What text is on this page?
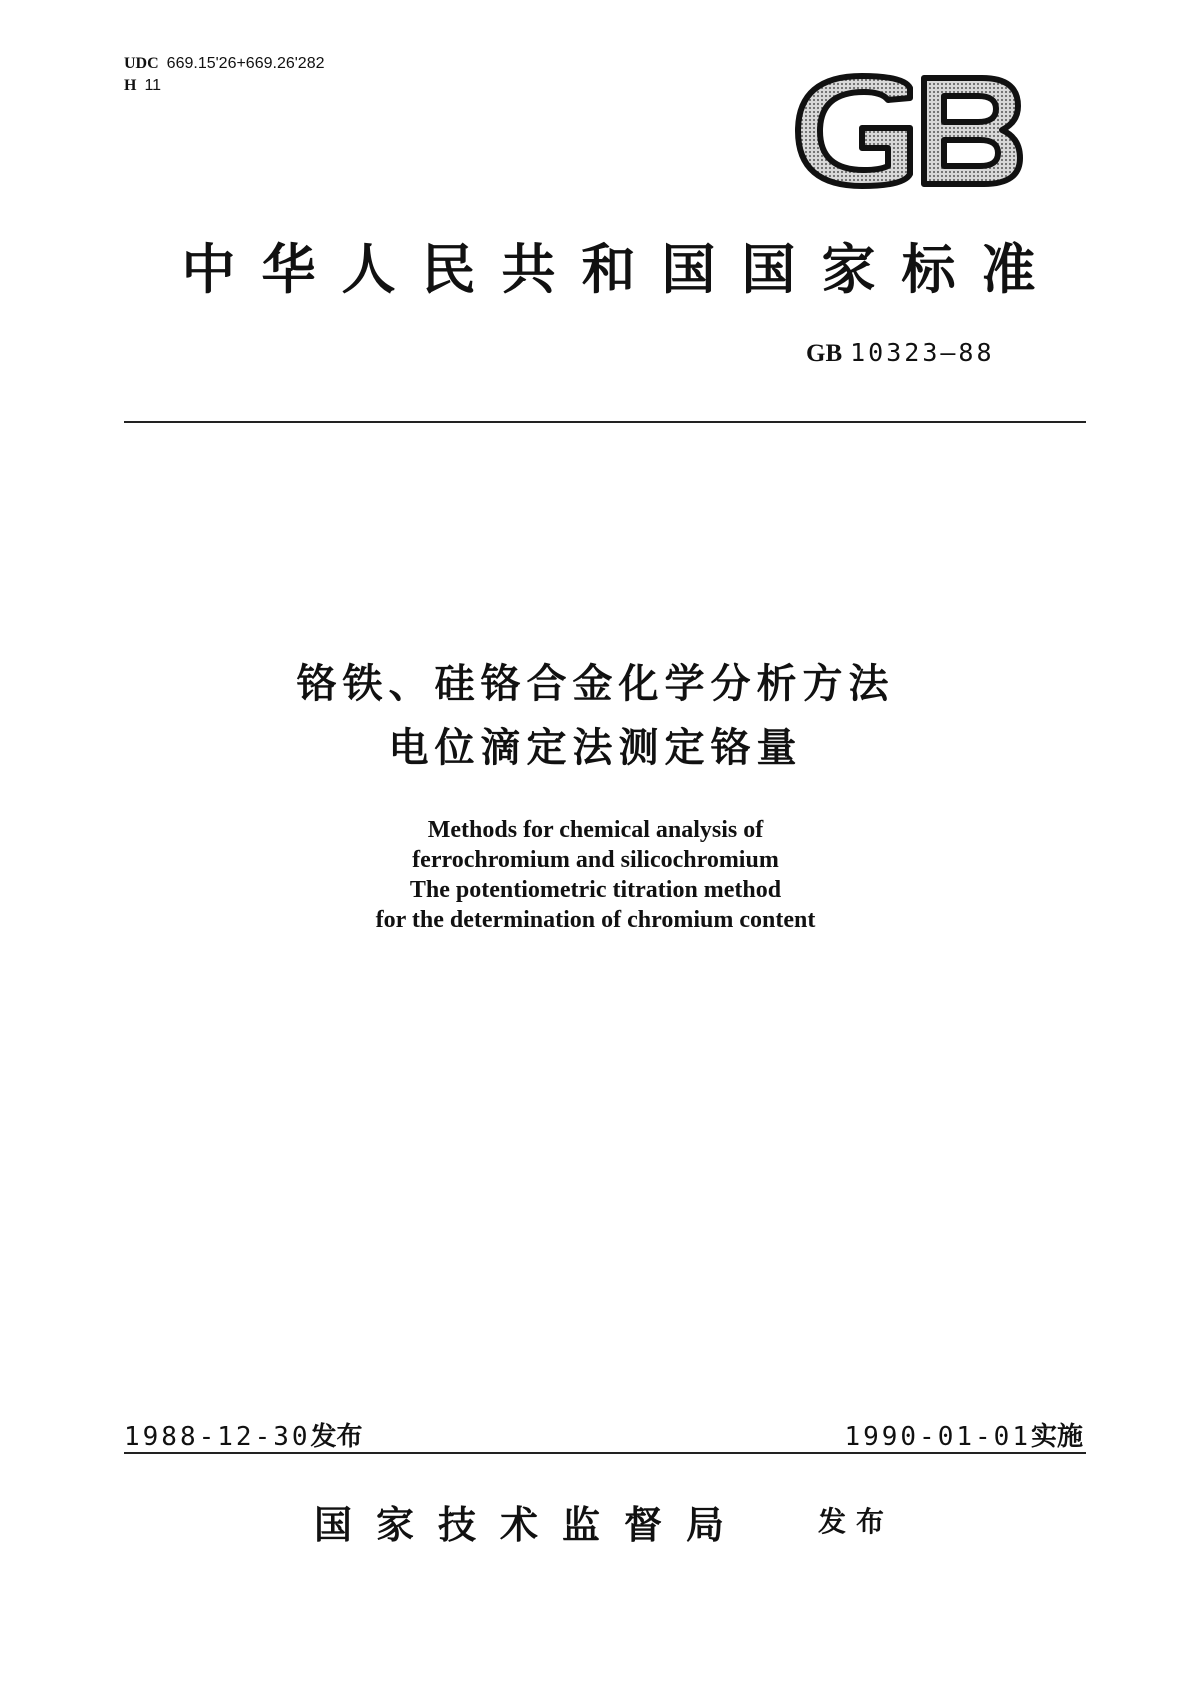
UDC 669.15'26+669.26'282
H 11
中华人民共和国国家标准
GB 10323—88
铬铁、硅铬合金化学分析方法
电位滴定法测定铬量
Methods for chemical analysis of
ferrochromium and silicochromium
The potentiometric titration method
for the determination of chromium content
1988-12-30发布	1990-01-01实施
国家技术监督局 发布
